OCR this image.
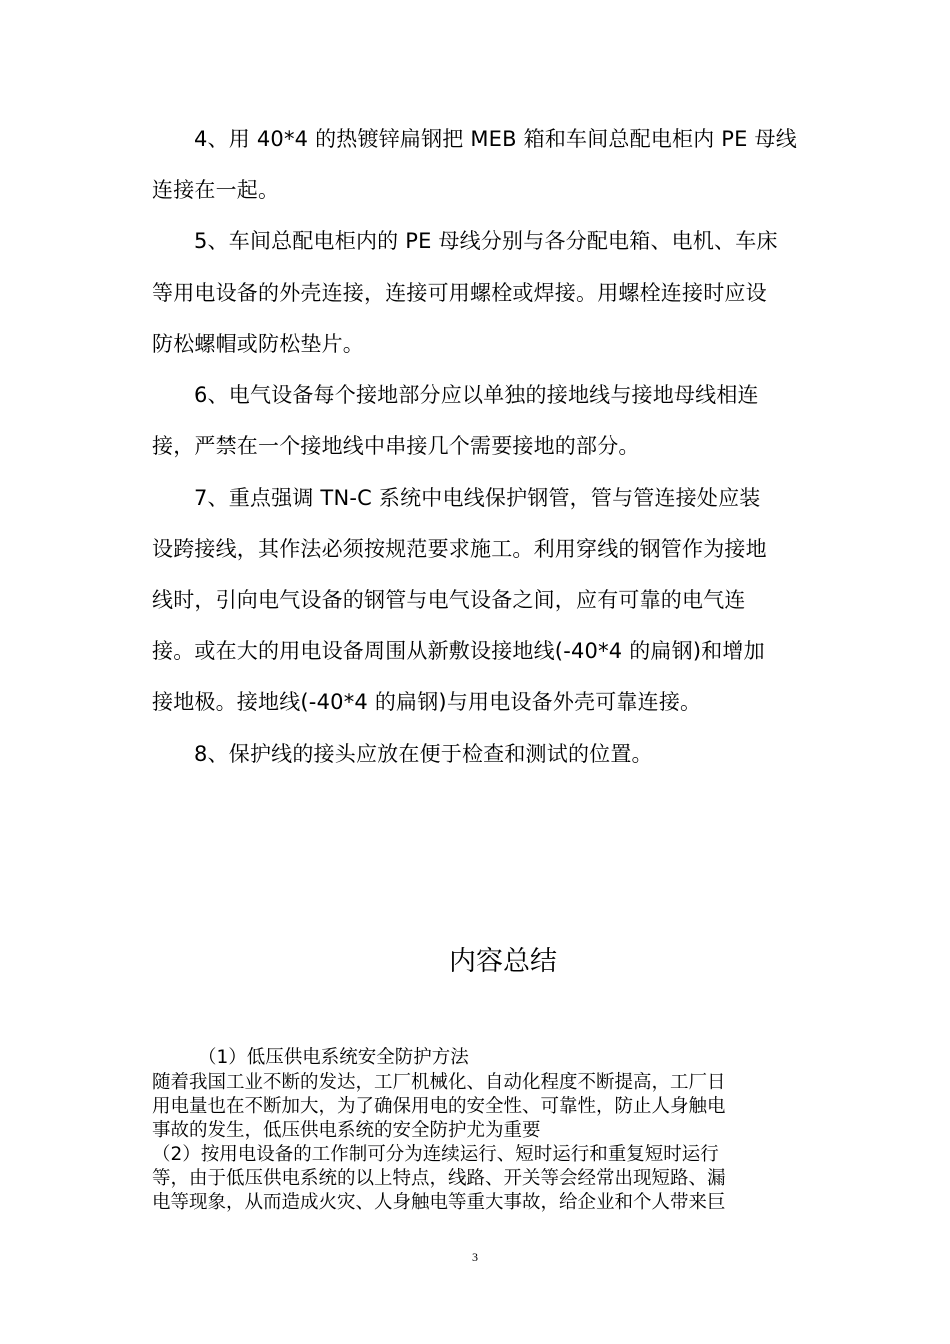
4、用 40*4 的热镀锌扁钢把 MEB 箱和车间总配电柜内 PE 母线
连接在一起。
5、车间总配电柜内的 PE 母线分别与各分配电箱、电机、车床
等用电设备的外壳连接，连接可用螺栓或焊接。用螺栓连接时应设
防松螺帽或防松垫片。
6、电气设备每个接地部分应以单独的接地线与接地母线相连
接，严禁在一个接地线中串接几个需要接地的部分。
7、重点强调 TN-C 系统中电线保护钢管，管与管连接处应装
设跨接线，其作法必须按规范要求施工。利用穿线的钢管作为接地
线时，引向电气设备的钢管与电气设备之间，应有可靠的电气连
接。或在大的用电设备周围从新敷设接地线(-40*4 的扁钢)和增加
接地极。接地线(-40*4 的扁钢)与用电设备外壳可靠连接。
8、保护线的接头应放在便于检查和测试的位置。
内容总结
（1）低压供电系统安全防护方法
随着我国工业不断的发达，工厂机械化、自动化程度不断提高，工厂日
用电量也在不断加大，为了确保用电的安全性、可靠性，防止人身触电
事故的发生，低压供电系统的安全防护尤为重要
（2）按用电设备的工作制可分为连续运行、短时运行和重复短时运行
等，由于低压供电系统的以上特点，线路、开关等会经常出现短路、漏
电等现象，从而造成火灾、人身触电等重大事故，给企业和个人带来巨
3
